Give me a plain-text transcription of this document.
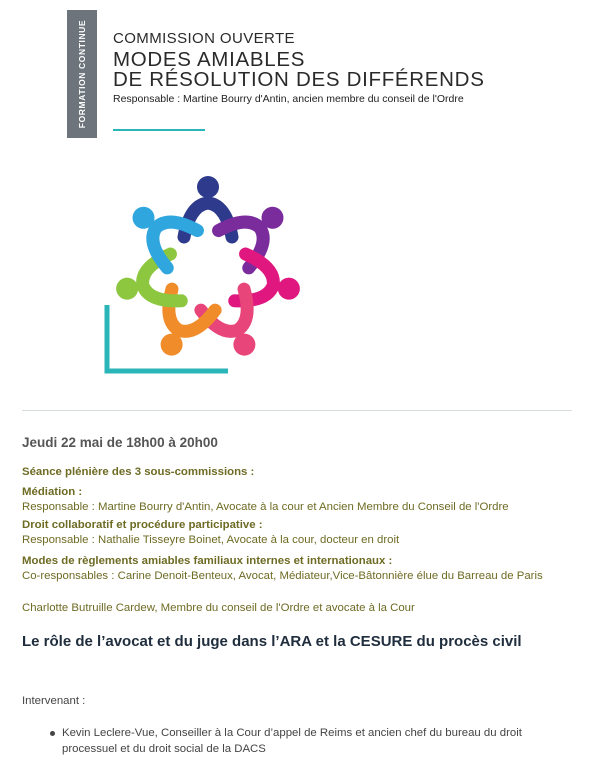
FORMATION CONTINUE COMMISSION OUVERTE
MODES AMIABLES
DE RÉSOLUTION DES DIFFÉRENDS
Responsable : Martine Bourry d'Antin, ancien membre du conseil de l'Ordre
Jeudi 22 mai de 18h00 à 20h00
Séance plénière des 3 sous-commissions :
Médiation :
Responsable : Martine Bourry d'Antin, Avocate à la cour et Ancien Membre du Conseil de l'Ordre
Droit collaboratif et procédure participative :
Responsable : Nathalie Tisseyre Boinet, Avocate à la cour, docteur en droit
Modes de règlements amiables familiaux internes et internationaux :
Co-responsables : Carine Denoit-Benteux, Avocat, Médiateur,Vice-Bâtonnière élue du Barreau de Paris
Charlotte Butruille Cardew, Membre du conseil de l'Ordre et avocate à la Cour
Le rôle de l’avocat et du juge dans l’ARA et la CESURE du procès civil
Intervenant :
Kevin Leclere-Vue, Conseiller à la Cour d’appel de Reims et ancien chef du bureau du droit processuel et du droit social de la DACS
